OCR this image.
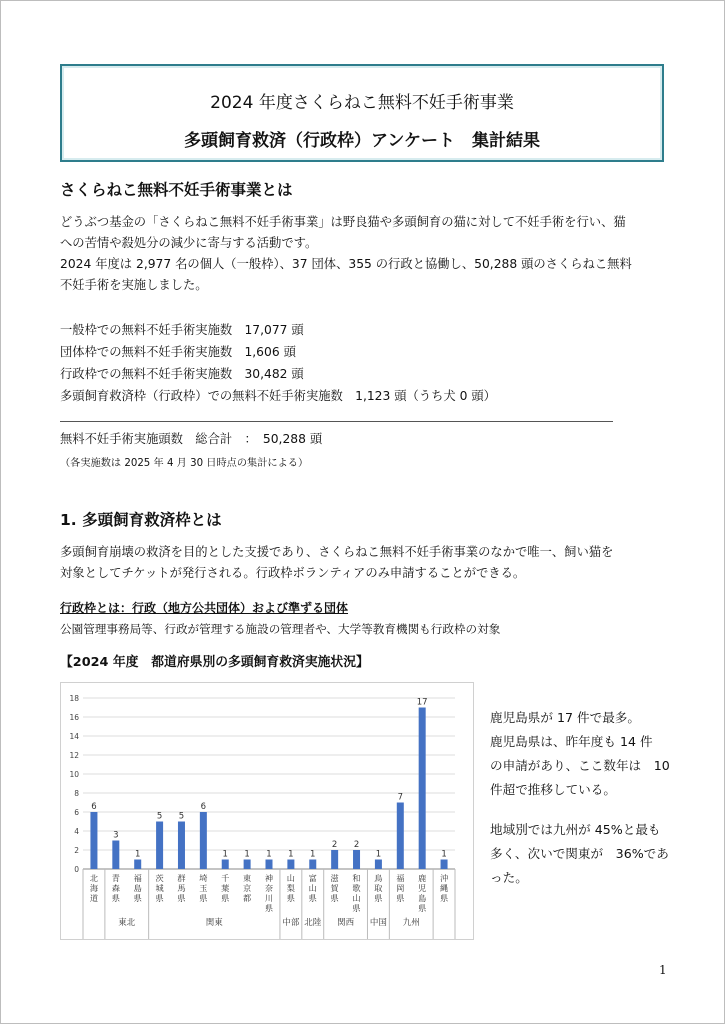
2024 年度さくらねこ無料不妊手術事業
多頭飼育救済（行政枠）アンケート　集計結果
さくらねこ無料不妊手術事業とは
どうぶつ基金の「さくらねこ無料不妊手術事業」は野良猫や多頭飼育の猫に対して不妊手術を行い、猫
への苦情や殺処分の減少に寄与する活動です。
2024 年度は 2,977 名の個人（一般枠）、37 団体、355 の行政と協働し、50,288 頭のさくらねこ無料
不妊手術を実施しました。
一般枠での無料不妊手術実施数　17,077 頭
団体枠での無料不妊手術実施数　1,606 頭
行政枠での無料不妊手術実施数　30,482 頭
多頭飼育救済枠（行政枠）での無料不妊手術実施数　1,123 頭（うち犬 0 頭）
無料不妊手術実施頭数　総合計　：　50,288 頭
（各実施数は 2025 年 4 月 30 日時点の集計による）
1. 多頭飼育救済枠とは
多頭飼育崩壊の救済を目的とした支援であり、さくらねこ無料不妊手術事業のなかで唯一、飼い猫を
対象としてチケットが発行される。行政枠ボランティアのみ申請することができる。
行政枠とは：行政（地方公共団体）および準ずる団体
公園管理事務局等、行政が管理する施設の管理者や、大学等教育機関も行政枠の対象
【2024 年度　都道府県別の多頭飼育救済実施状況】
0
2
4
6
8
10
12
14
16
18
6
北海道
3
青森県
1
福島県
5
茨城県
5
群馬県
6
埼玉県
1
千葉県
1
東京都
1
神奈川県
1
山梨県
1
富山県
2
滋賀県
2
和歌山県
1
鳥取県
7
福岡県
17
鹿児島県
1
沖縄県
東北	関東	中部 北陸 関西 中国 九州
鹿児島県が 17 件で最多。
鹿児島県は、昨年度も 14 件
の申請があり、ここ数年は　10
件超で推移している。
地域別では九州が 45%と最も
多く、次いで関東が　36%であ
った。
1
